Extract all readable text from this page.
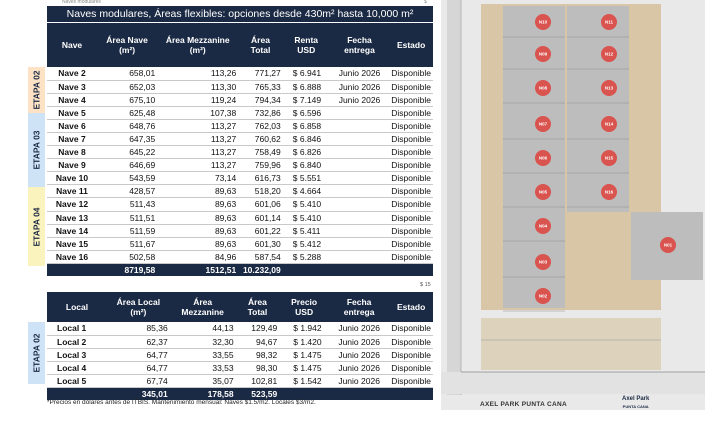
Naves modulares	$
Naves modulares, Áreas flexibles: opciones desde 430m² hasta 10,000 m²
ETAPA 02
ETAPA 03
ETAPA 04
Nave	Área Nave (m²)	Área Mezzanine (m²)	Área Total	Renta USD	Fecha entrega	Estado
Nave 2	658,01	113,26	771,27	$ 6.941	Junio 2026	Disponible
Nave 3	652,03	113,30	765,33	$ 6.888	Junio 2026	Disponible
Nave 4	675,10	119,24	794,34	$ 7.149	Junio 2026	Disponible
Nave 5	625,48	107,38	732,86	$ 6.596		Disponible
Nave 6	648,76	113,27	762,03	$ 6.858		Disponible
Nave 7	647,35	113,27	760,62	$ 6.846		Disponible
Nave 8	645,22	113,27	758,49	$ 6.826		Disponible
Nave 9	646,69	113,27	759,96	$ 6.840		Disponible
Nave 10	543,59	73,14	616,73	$ 5.551		Disponible
Nave 11	428,57	89,63	518,20	$ 4.664		Disponible
Nave 12	511,43	89,63	601,06	$ 5.410		Disponible
Nave 13	511,51	89,63	601,14	$ 5.410		Disponible
Nave 14	511,59	89,63	601,22	$ 5.411		Disponible
Nave 15	511,67	89,63	601,30	$ 5.412		Disponible
Nave 16	502,58	84,96	587,54	$ 5.288		Disponible
	8719,58	1512,51	10.232,09			
$ 15
ETAPA 02
Local	Área Local (m²)	Área Mezzanine	Área Total	Precio USD	Fecha entrega	Estado
Local 1	85,36	44,13	129,49	$ 1.942	Junio 2026	Disponible
Local 2	62,37	32,30	94,67	$ 1.420	Junio 2026	Disponible
Local 3	64,77	33,55	98,32	$ 1.475	Junio 2026	Disponible
Local 4	64,77	33,53	98,30	$ 1.475	Junio 2026	Disponible
Local 5	67,74	35,07	102,81	$ 1.542	Junio 2026	Disponible
	345,01	178,58	523,59			
*Precios en dólares antes de ITBIS. Mantenimiento mensual: Naves $1.5/m2. Locales $3/m2.
N10
N09
N08
N07
N06
N05
N04
N03
N02
N11
N12
N13
N14
N15
N16
N01
AXEL PARK PUNTA CANA
Axel Park
PUNTA CANA
